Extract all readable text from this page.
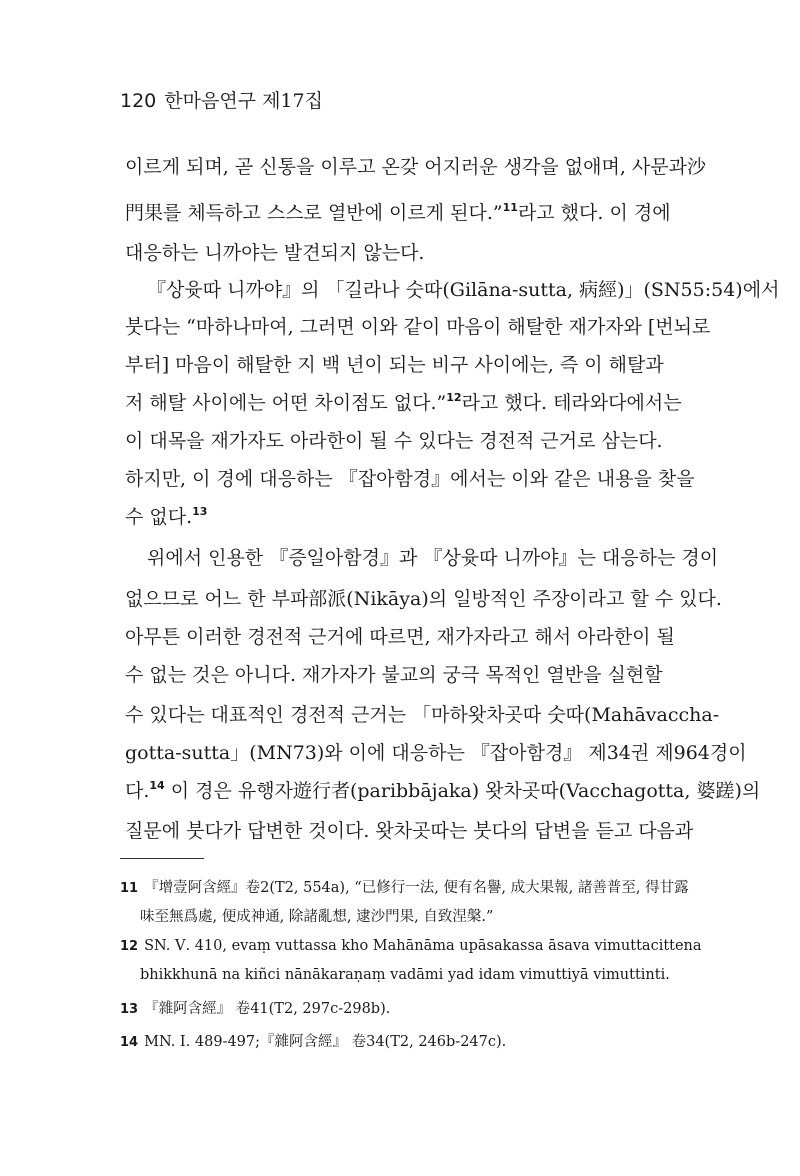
120 한마음연구 제17집
이르게 되며, 곧 신통을 이루고 온갖 어지러운 생각을 없애며, 사문과沙
門果를 체득하고 스스로 열반에 이르게 된다.”$^{11}$라고 했다. 이 경에
대응하는 니까야는 발견되지 않는다.
『상윳따 니까야』의 「길라나 숫따(Gilāna-sutta, 病經)」(SN55:54)에서
붓다는 “마하나마여, 그러면 이와 같이 마음이 해탈한 재가자와 [번뇌로
부터] 마음이 해탈한 지 백 년이 되는 비구 사이에는, 즉 이 해탈과
저 해탈 사이에는 어떤 차이점도 없다.”$^{12}$라고 했다. 테라와다에서는
이 대목을 재가자도 아라한이 될 수 있다는 경전적 근거로 삼는다.
하지만, 이 경에 대응하는 『잡아함경』에서는 이와 같은 내용을 찾을
수 없다.$^{13}$
위에서 인용한 『증일아함경』과 『상윳따 니까야』는 대응하는 경이
없으므로 어느 한 부파部派(Nikāya)의 일방적인 주장이라고 할 수 있다.
아무튼 이러한 경전적 근거에 따르면, 재가자라고 해서 아라한이 될
수 없는 것은 아니다. 재가자가 불교의 궁극 목적인 열반을 실현할
수 있다는 대표적인 경전적 근거는 「마하왓차곳따 숫따(Mahāvaccha-
gotta-sutta」(MN73)와 이에 대응하는 『잡아함경』 제34권 제964경이
다.$^{14}$ 이 경은 유행자遊行者(paribbājaka) 왓차곳따(Vacchagotta, 婆蹉)의
질문에 붓다가 답변한 것이다. 왓차곳따는 붓다의 답변을 듣고 다음과
11 『增壹阿含經』卷2(T2, 554a), “已修行一法, 便有名譽, 成大果報, 諸善普至, 得甘露
味至無爲處, 便成神通, 除諸亂想, 逮沙門果, 自致涅槃.”
12 SN. Ⅴ. 410, evaṃ vuttassa kho Mahānāma upāsakassa āsava vimuttacittena
bhikkhunā na kiñci nānākaraṇaṃ vadāmi yad idam vimuttiyā vimuttinti.
13 『雜阿含經』 卷41(T2, 297c-298b).
14 MN. Ⅰ. 489-497;『雜阿含經』 卷34(T2, 246b-247c).
